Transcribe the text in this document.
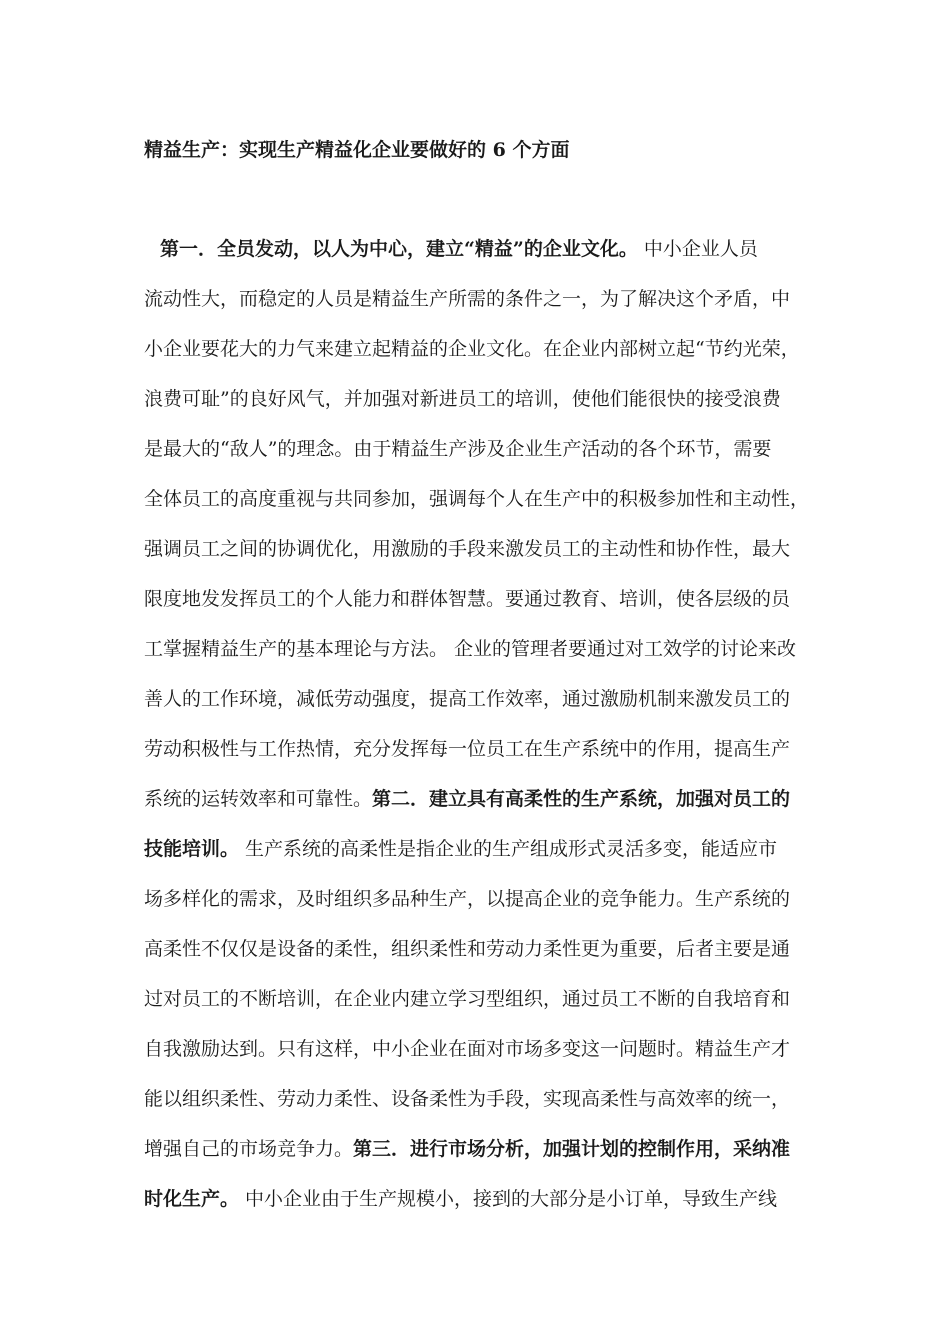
精益生产：实现生产精益化企业要做好的 6 个方面
第一．全员发动，以人为中心，建立“精益”的企业文化。 中小企业人员
流动性大，而稳定的人员是精益生产所需的条件之一，为了解决这个矛盾，中
小企业要花大的力气来建立起精益的企业文化。在企业内部树立起“节约光荣，
浪费可耻”的良好风气，并加强对新进员工的培训，使他们能很快的接受浪费
是最大的“敌人”的理念。由于精益生产涉及企业生产活动的各个环节，需要
全体员工的高度重视与共同参加，强调每个人在生产中的积极参加性和主动性，
强调员工之间的协调优化，用激励的手段来激发员工的主动性和协作性，最大
限度地发发挥员工的个人能力和群体智慧。要通过教育、培训，使各层级的员
工掌握精益生产的基本理论与方法。 企业的管理者要通过对工效学的讨论来改
善人的工作环境，减低劳动强度，提高工作效率，通过激励机制来激发员工的
劳动积极性与工作热情，充分发挥每一位员工在生产系统中的作用，提高生产
系统的运转效率和可靠性。第二．建立具有高柔性的生产系统，加强对员工的
技能培训。 生产系统的高柔性是指企业的生产组成形式灵活多变，能适应市
场多样化的需求，及时组织多品种生产，以提高企业的竞争能力。生产系统的
高柔性不仅仅是设备的柔性，组织柔性和劳动力柔性更为重要，后者主要是通
过对员工的不断培训，在企业内建立学习型组织，通过员工不断的自我培育和
自我激励达到。只有这样，中小企业在面对市场多变这一问题时。精益生产才
能以组织柔性、劳动力柔性、设备柔性为手段，实现高柔性与高效率的统一，
增强自己的市场竞争力。第三．进行市场分析，加强计划的控制作用，采纳准
时化生产。 中小企业由于生产规模小，接到的大部分是小订单，导致生产线
